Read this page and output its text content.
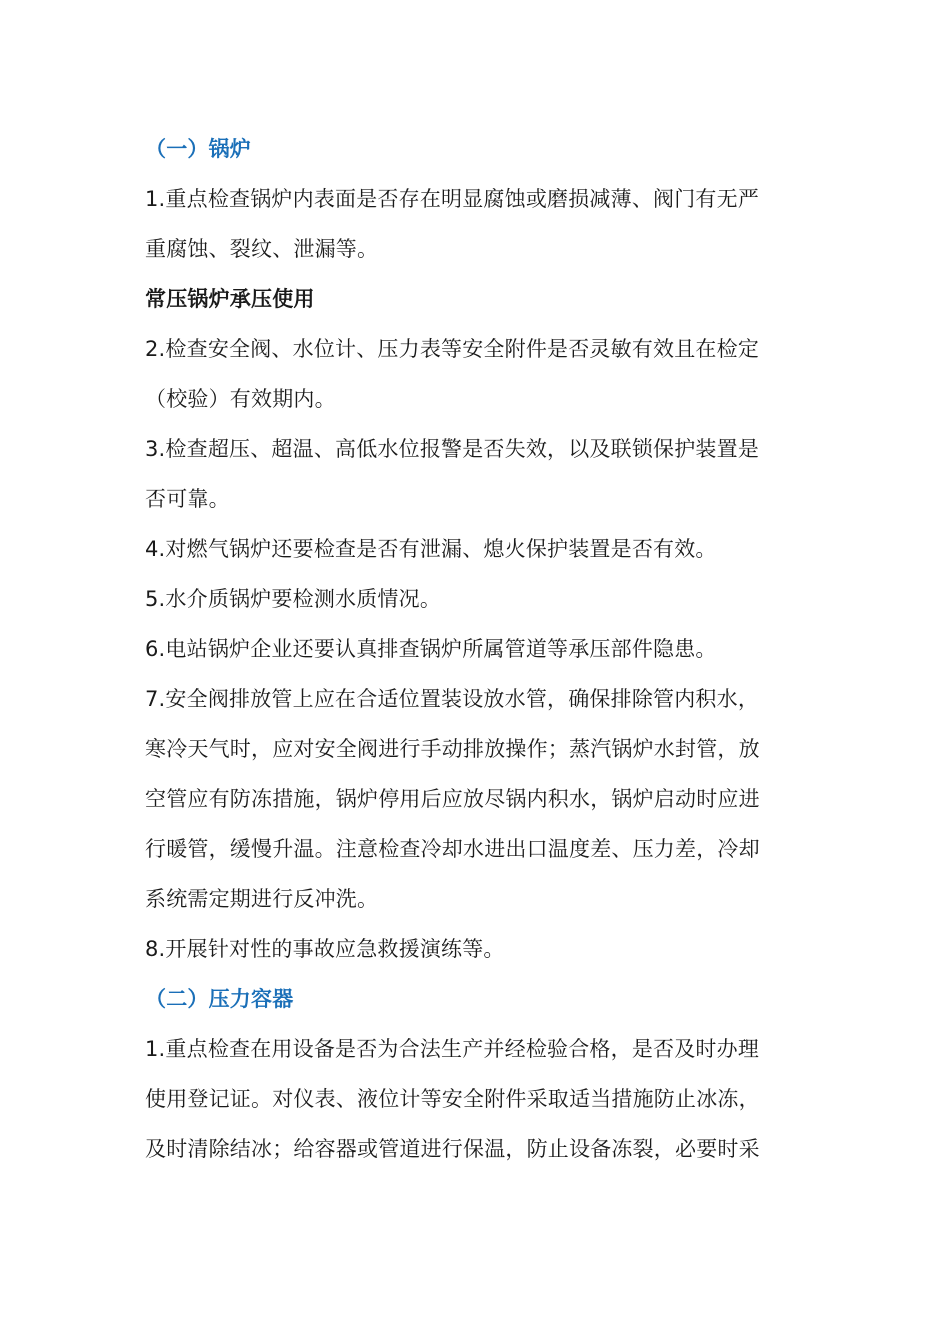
（一）锅炉
1.重点检查锅炉内表面是否存在明显腐蚀或磨损减薄、阀门有无严
重腐蚀、裂纹、泄漏等。
常压锅炉承压使用
2.检查安全阀、水位计、压力表等安全附件是否灵敏有效且在检定
（校验）有效期内。
3.检查超压、超温、高低水位报警是否失效，以及联锁保护装置是
否可靠。
4.对燃气锅炉还要检查是否有泄漏、熄火保护装置是否有效。
5.水介质锅炉要检测水质情况。
6.电站锅炉企业还要认真排查锅炉所属管道等承压部件隐患。
7.安全阀排放管上应在合适位置装设放水管，确保排除管内积水，
寒冷天气时，应对安全阀进行手动排放操作；蒸汽锅炉水封管，放
空管应有防冻措施，锅炉停用后应放尽锅内积水，锅炉启动时应进
行暖管，缓慢升温。注意检查冷却水进出口温度差、压力差，冷却
系统需定期进行反冲洗。
8.开展针对性的事故应急救援演练等。
（二）压力容器
1.重点检查在用设备是否为合法生产并经检验合格，是否及时办理
使用登记证。对仪表、液位计等安全附件采取适当措施防止冰冻，
及时清除结冰；给容器或管道进行保温，防止设备冻裂，必要时采
